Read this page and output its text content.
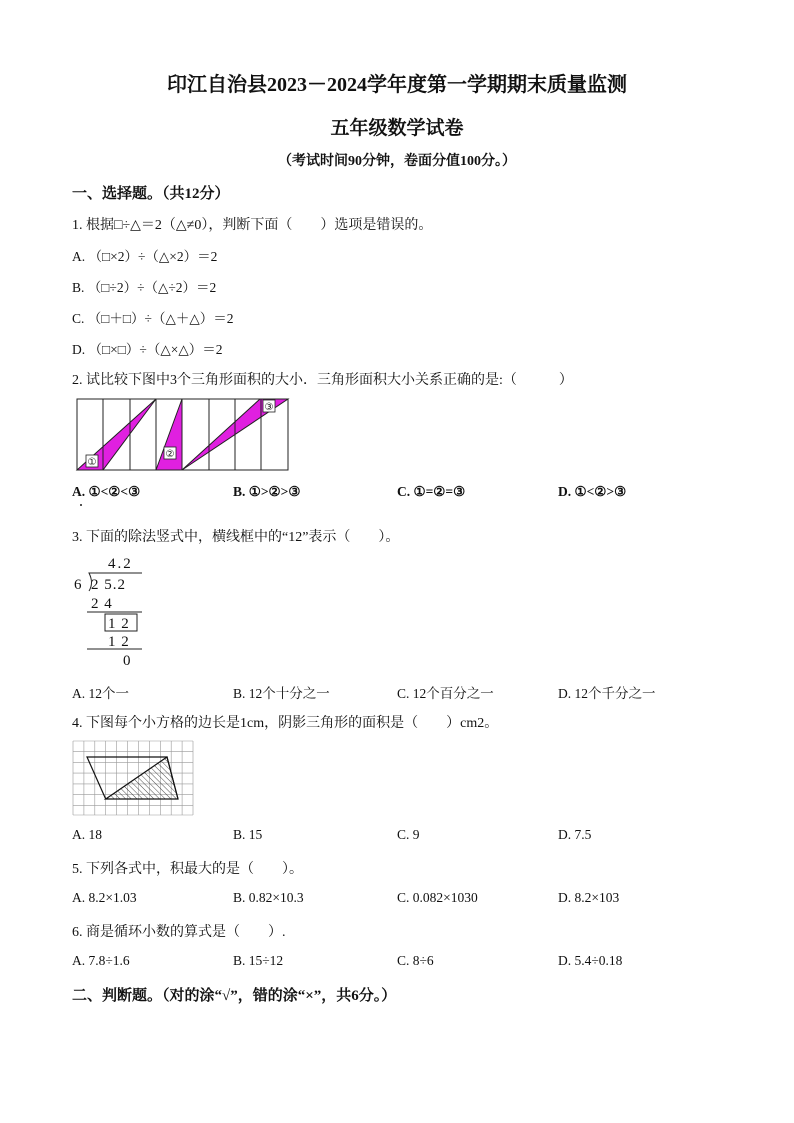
印江自治县2023－2024学年度第一学期期末质量监测
五年级数学试卷
（考试时间90分钟，卷面分值100分。）
一、选择题。（共12分）
1. 根据□÷△＝2（△≠0），判断下面（　　）选项是错误的。
A. （□×2）÷（△×2）＝2
B. （□÷2）÷（△÷2）＝2
C. （□＋□）÷（△＋△）＝2
D. （□×□）÷（△×△）＝2
2. 试比较下图中3个三角形面积的大小．三角形面积大小关系正确的是:（　　　）
①
②
③
A. ①<②<③	B. ①>②>③	C. ①=②=③	D. ①<②>③
3. 下面的除法竖式中，横线框中的“12”表示（　　）。
4.2
6 2 5.2
2 4
1 2
1 2
0
A. 12个一	B. 12个十分之一	C. 12个百分之一	D. 12个千分之一
4. 下图每个小方格的边长是1cm，阴影三角形的面积是（　　）cm2。
A. 18	B. 15	C. 9	D. 7.5
5. 下列各式中，积最大的是（　　）。
A. 8.2×1.03	B. 0.82×10.3	C. 0.082×1030	D. 8.2×103
6. 商是循环小数的算式是（　　）.
A. 7.8÷1.6	B. 15÷12	C. 8÷6	D. 5.4÷0.18
二、判断题。（对的涂“√”，错的涂“×”，共6分。）
